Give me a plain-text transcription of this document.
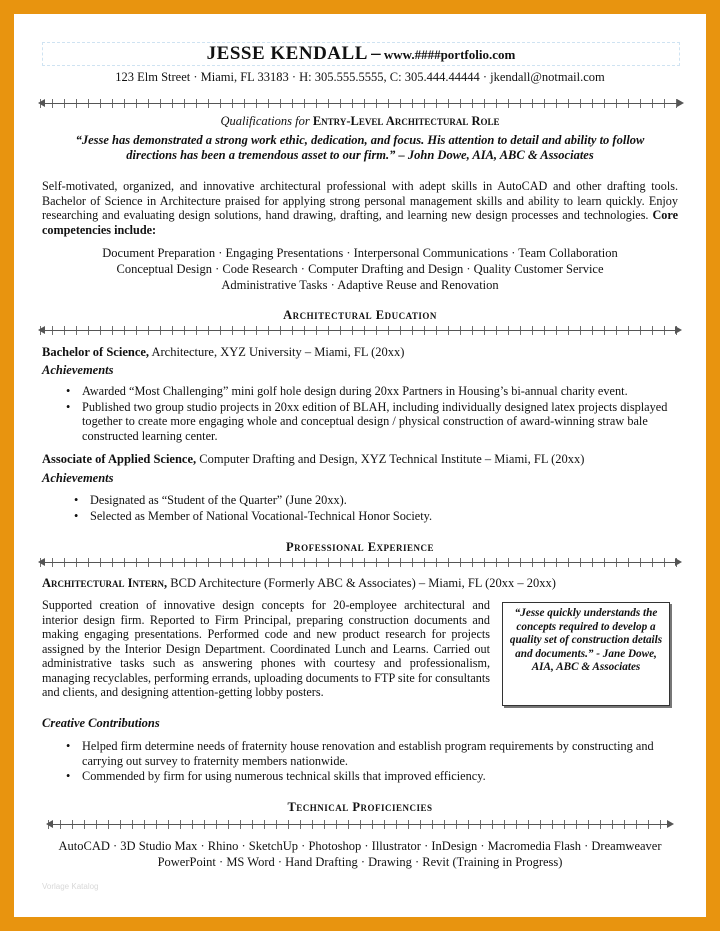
JESSE KENDALL – www.####portfolio.com
123 Elm Street · Miami, FL 33183 · H: 305.555.5555, C: 305.444.44444 · jkendall@notmail.com
Qualifications for Entry-Level Architectural Role
“Jesse has demonstrated a strong work ethic, dedication, and focus. His attention to detail and ability to follow
directions has been a tremendous asset to our firm.” – John Dowe, AIA, ABC & Associates
Self-motivated, organized, and innovative architectural professional with adept skills in AutoCAD and other drafting tools. Bachelor of Science in Architecture praised for applying strong personal management skills and ability to learn quickly. Enjoy researching and evaluating design solutions, hand drawing, drafting, and learning new design processes and technologies. Core competencies include:
Document Preparation · Engaging Presentations · Interpersonal Communications · Team Collaboration
Conceptual Design · Code Research · Computer Drafting and Design · Quality Customer Service
Administrative Tasks · Adaptive Reuse and Renovation
Architectural Education
Bachelor of Science, Architecture, XYZ University – Miami, FL (20xx)
Achievements
• Awarded “Most Challenging” mini golf hole design during 20xx Partners in Housing’s bi-annual charity event.
• Published two group studio projects in 20xx edition of BLAH, including individually designed latex projects displayed together to create more engaging whole and conceptual design / physical construction of award-winning straw bale constructed learning center.
Associate of Applied Science, Computer Drafting and Design, XYZ Technical Institute – Miami, FL (20xx)
Achievements
• Designated as “Student of the Quarter” (June 20xx).
• Selected as Member of National Vocational-Technical Honor Society.
Professional Experience
Architectural Intern, BCD Architecture (Formerly ABC & Associates) – Miami, FL (20xx – 20xx)
Supported creation of innovative design concepts for 20-employee architectural and interior design firm. Reported to Firm Principal, preparing construction documents and making engaging presentations. Performed code and new product research for projects assigned by the Interior Design Department. Coordinated Lunch and Learns. Carried out administrative tasks such as answering phones with courtesy and professionalism, managing recyclables, performing errands, uploading documents to FTP site for consultants and clients, and designing attention-getting lobby posters.
“Jesse quickly understands the concepts required to develop a quality set of construction details and documents.” - Jane Dowe, AIA, ABC & Associates
Creative Contributions
• Helped firm determine needs of fraternity house renovation and establish program requirements by constructing and carrying out survey to fraternity members nationwide.
• Commended by firm for using numerous technical skills that improved efficiency.
Technical Proficiencies
AutoCAD · 3D Studio Max · Rhino · SketchUp · Photoshop · Illustrator · InDesign · Macromedia Flash · Dreamweaver
PowerPoint · MS Word · Hand Drafting · Drawing · Revit (Training in Progress)
Vorlage Katalog
